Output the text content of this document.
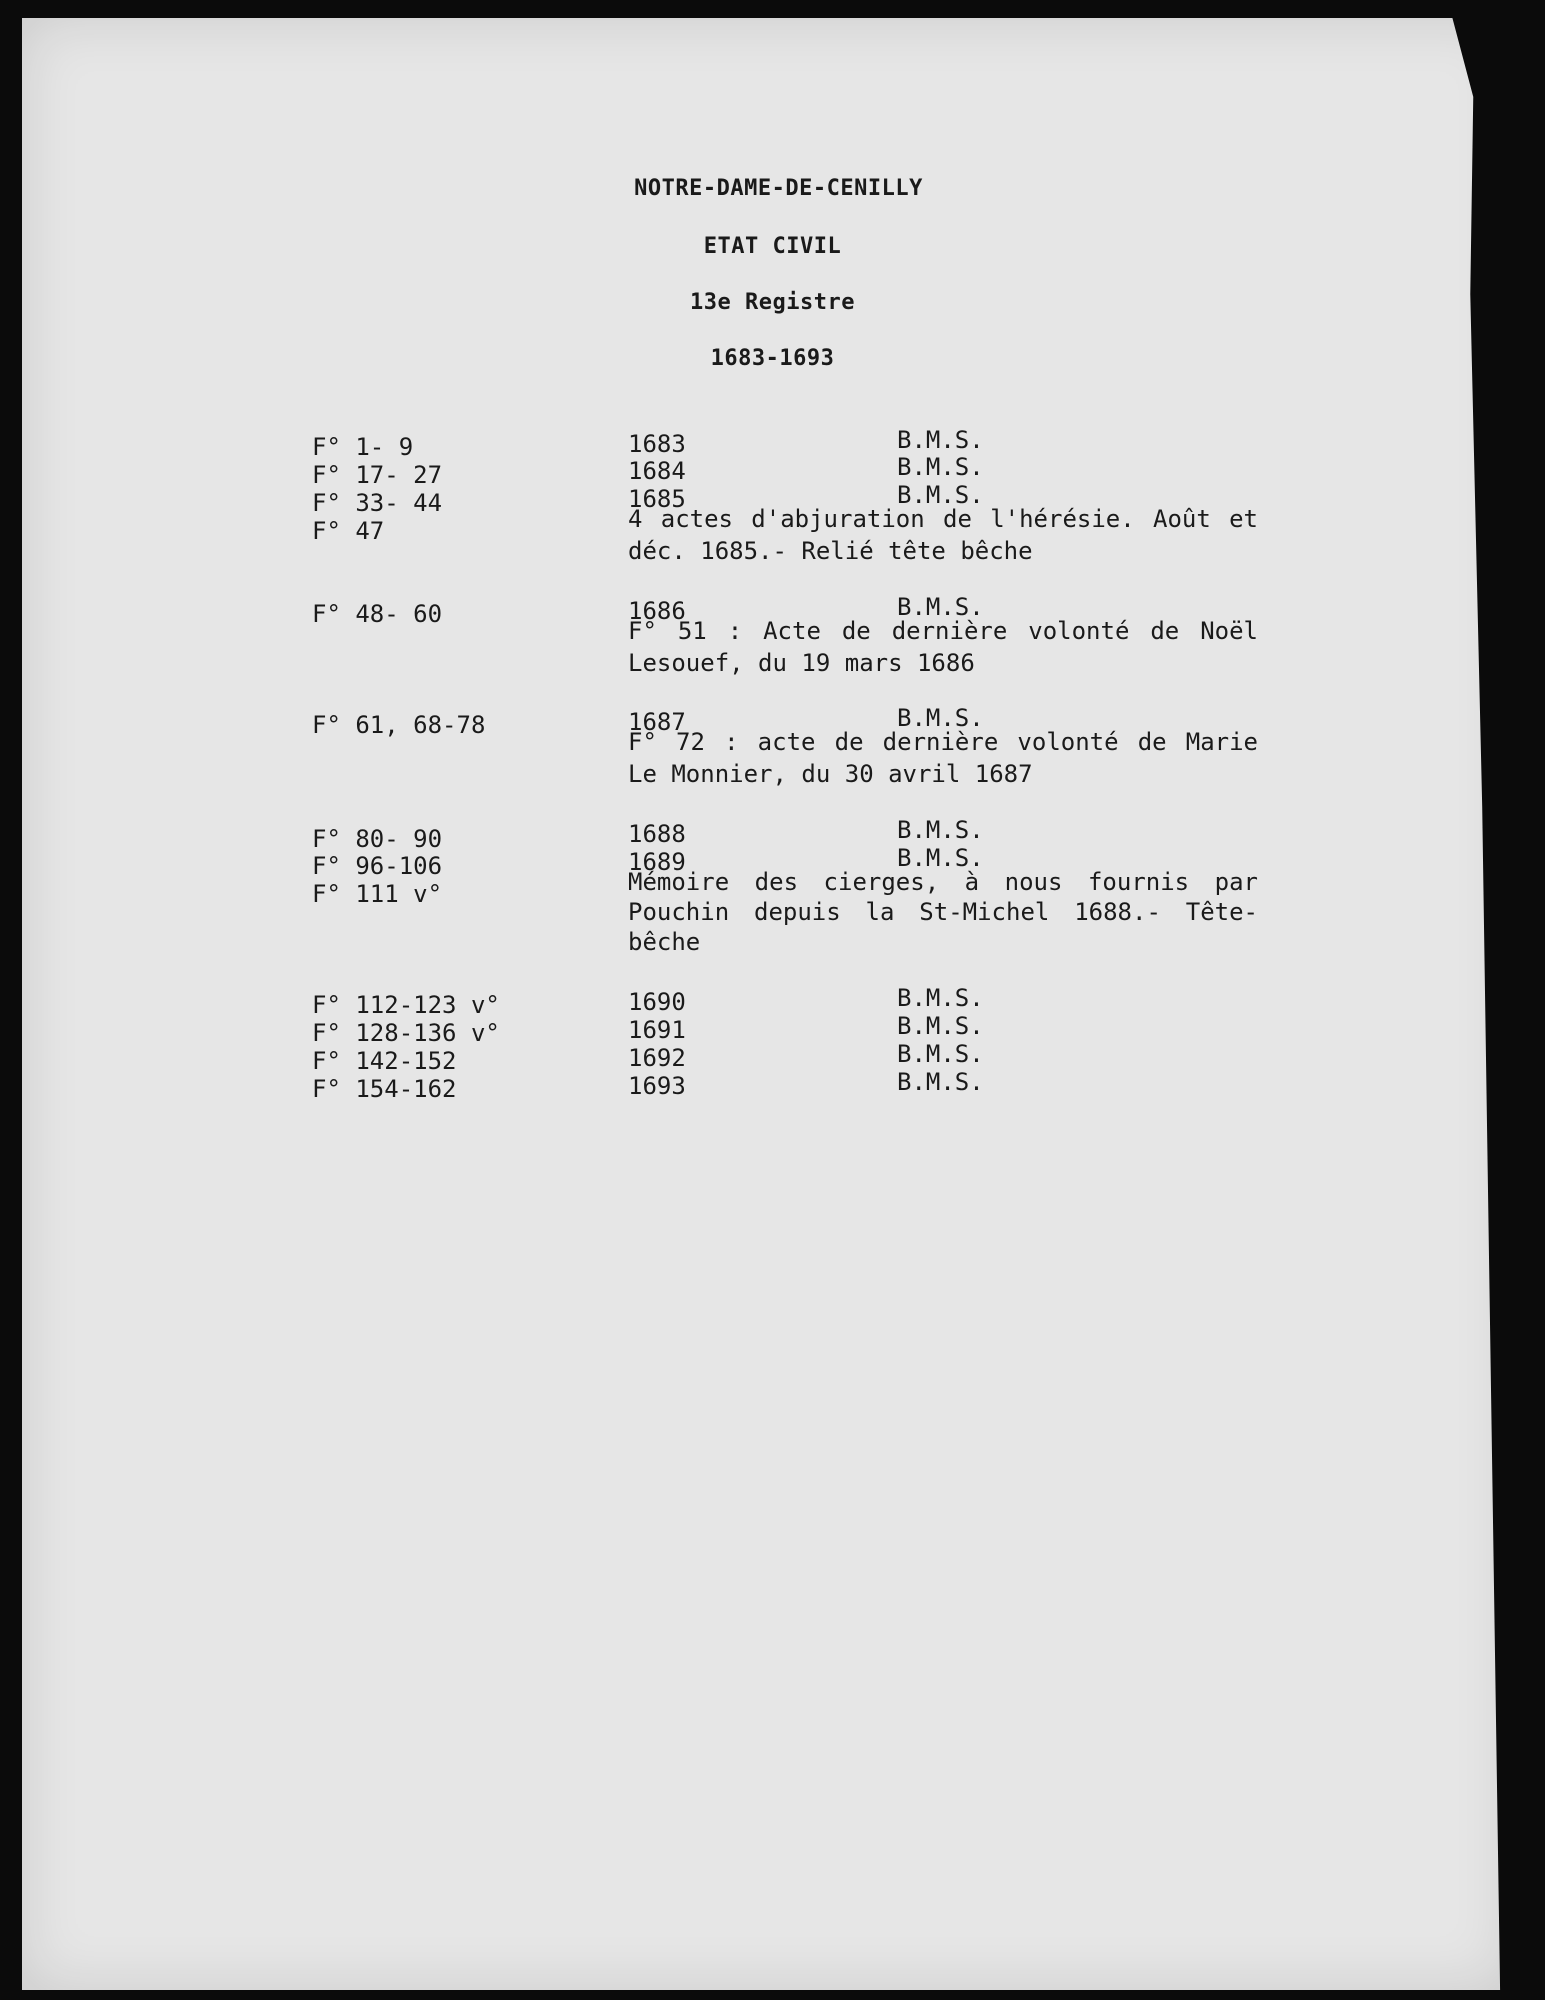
NOTRE-DAME-DE-CENILLY
ETAT CIVIL
13e Registre
1683-1693
F° 1- 9	1683	B.M.S.
F° 17- 27	1684	B.M.S.
F° 33- 44	1685	B.M.S.
F° 47	4 actes d'abjuration de l'hérésie. Août et
déc. 1685.- Relié tête bêche
F° 48- 60	1686	B.M.S.
F° 51 : Acte de dernière volonté de Noël
Lesouef, du 19 mars 1686
F° 61, 68-78	1687	B.M.S.
F° 72 : acte de dernière volonté de Marie
Le Monnier, du 30 avril 1687
F° 80- 90	1688	B.M.S.
F° 96-106	1689	B.M.S.
F° 111 v°	Mémoire des cierges, à nous fournis par
Pouchin depuis la St-Michel 1688.- Tête-
bêche
F° 112-123 v°	1690	B.M.S.
F° 128-136 v°	1691	B.M.S.
F° 142-152	1692	B.M.S.
F° 154-162	1693	B.M.S.
